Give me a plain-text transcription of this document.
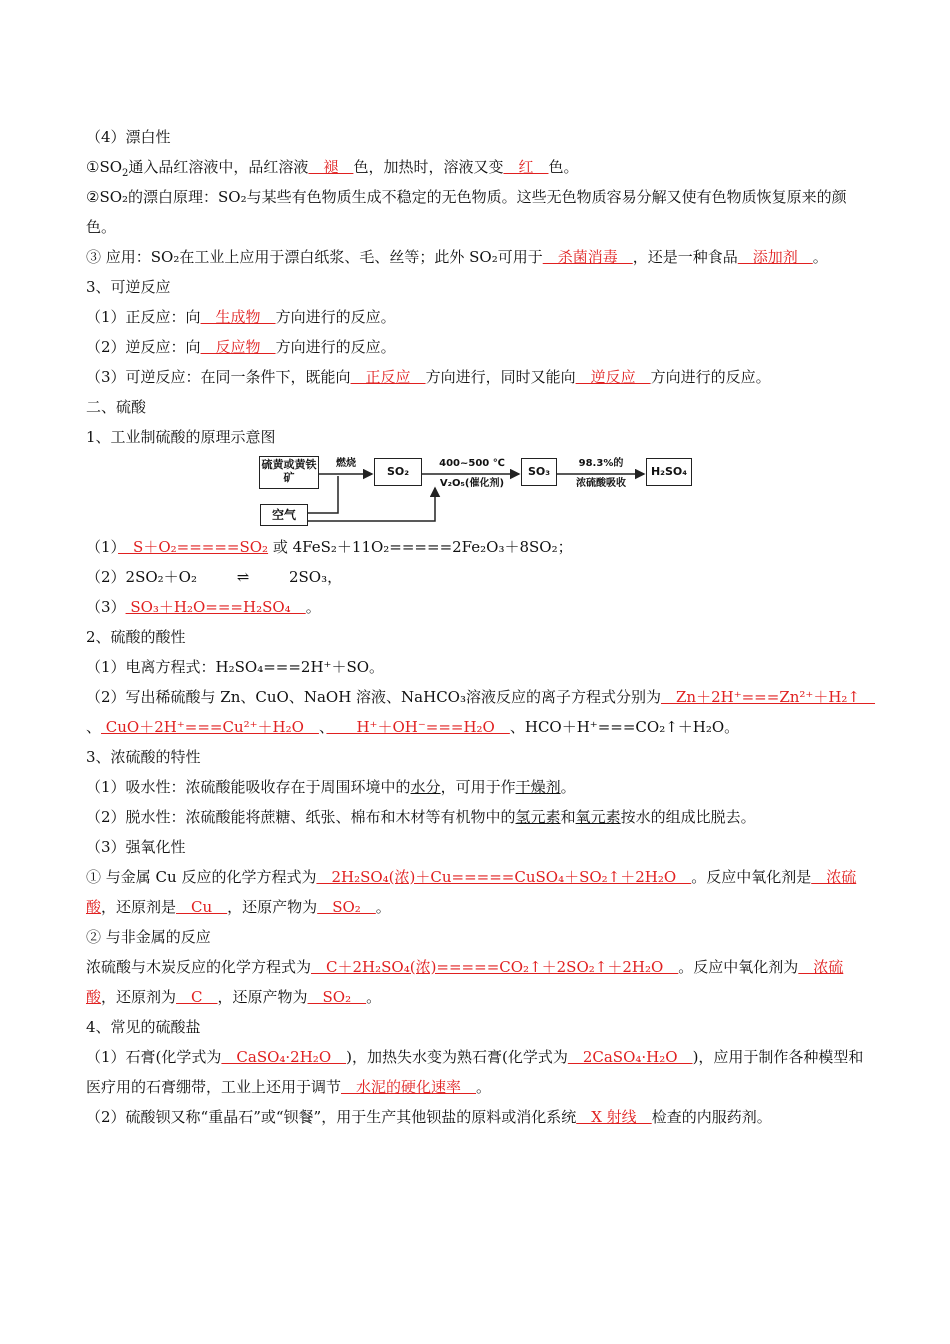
（4）漂白性
$①SO_2$通入品红溶液中，品红溶液　褪　色，加热时，溶液又变　红　色。
②SO₂的漂白原理：SO₂与某些有色物质生成不稳定的无色物质。这些无色物质容易分解又使有色物质恢复原来的颜色。
③ 应用：SO₂在工业上应用于漂白纸浆、毛、丝等；此外 SO₂可用于　杀菌消毒　，还是一种食品　添加剂　。
3、可逆反应
（1）正反应：向　生成物　方向进行的反应。
（2）逆反应：向　反应物　方向进行的反应。
（3）可逆反应：在同一条件下，既能向　正反应　方向进行，同时又能向　逆反应　方向进行的反应。
二、硫酸
1、工业制硫酸的原理示意图
硫黄或黄铁矿	SO₂	SO₃	H₂SO₄
空气
燃烧	400~500 ℃
V₂O₅(催化剂)
98.3%的
浓硫酸吸收
（1）　S＋O₂=====SO₂ 或 4FeS₂＋11O₂=====2Fe₂O₃＋8SO₂；
（2）2SO₂＋O₂	⇌	2SO₃，
（3） SO₃＋H₂O===H₂SO₄　。
2、硫酸的酸性
（1）电离方程式：H₂SO₄===2H⁺＋SO。
（2）写出稀硫酸与 Zn、CuO、NaOH 溶液、NaHCO₃溶液反应的离子方程式分别为　Zn＋2H⁺===Zn²⁺＋H₂↑　、 CuO＋2H⁺===Cu²⁺＋H₂O　、　　H⁺＋OH⁻===H₂O　、HCO＋H⁺===CO₂↑＋H₂O。
3、浓硫酸的特性
（1）吸水性：浓硫酸能吸收存在于周围环境中的水分，可用于作干燥剂。
（2）脱水性：浓硫酸能将蔗糖、纸张、棉布和木材等有机物中的氢元素和氧元素按水的组成比脱去。
（3）强氧化性
① 与金属 Cu 反应的化学方程式为　2H₂SO₄(浓)＋Cu=====CuSO₄＋SO₂↑＋2H₂O　。反应中氧化剂是　浓硫酸，还原剂是　Cu　，还原产物为　SO₂　。
② 与非金属的反应
浓硫酸与木炭反应的化学方程式为　C＋2H₂SO₄(浓)=====CO₂↑＋2SO₂↑＋2H₂O　。反应中氧化剂为　浓硫酸，还原剂为　C　，还原产物为　SO₂　。
4、常见的硫酸盐
（1）石膏(化学式为　CaSO₄·2H₂O　)，加热失水变为熟石膏(化学式为　2CaSO₄·H₂O　)，应用于制作各种模型和医疗用的石膏绷带，工业上还用于调节　水泥的硬化速率　。
（2）硫酸钡又称“重晶石”或“钡餐”，用于生产其他钡盐的原料或消化系统　X 射线　检查的内服药剂。
